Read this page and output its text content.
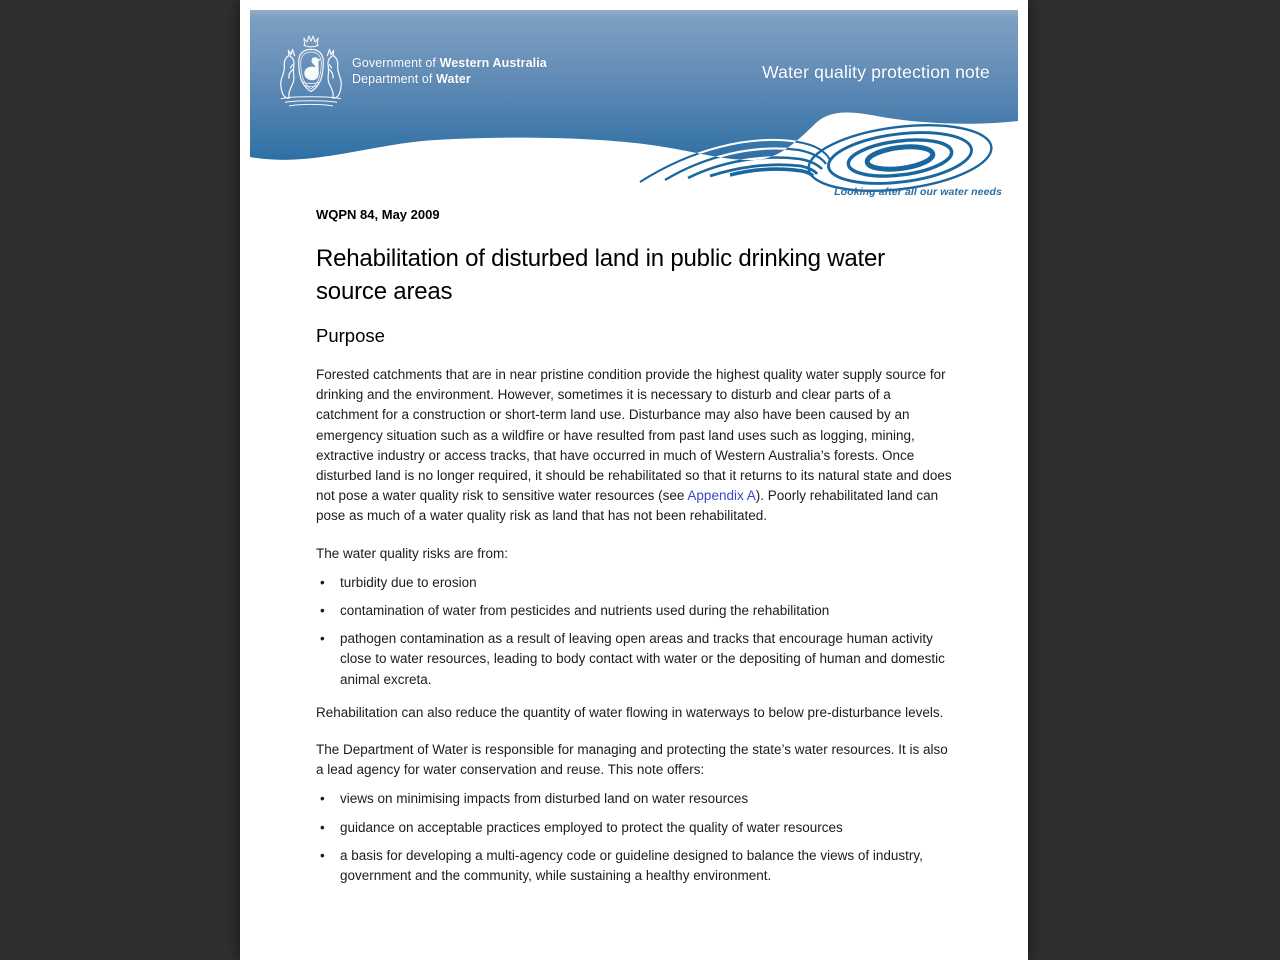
Government of Western Australia
Department of Water	Water quality protection note
Looking after all our water needs
WQPN 84, May 2009
Rehabilitation of disturbed land in public drinking water source areas
Purpose

Forested catchments that are in near pristine condition provide the highest quality water supply source for drinking and the environment. However, sometimes it is necessary to disturb and clear parts of a catchment for a construction or short-term land use. Disturbance may also have been caused by an emergency situation such as a wildfire or have resulted from past land uses such as logging, mining, extractive industry or access tracks, that have occurred in much of Western Australia’s forests. Once disturbed land is no longer required, it should be rehabilitated so that it returns to its natural state and does not pose a water quality risk to sensitive water resources (see Appendix A). Poorly rehabilitated land can pose as much of a water quality risk as land that has not been rehabilitated.

The water quality risks are from:

•	turbidity due to erosion
•	contamination of water from pesticides and nutrients used during the rehabilitation
•	pathogen contamination as a result of leaving open areas and tracks that encourage human activity close to water resources, leading to body contact with water or the depositing of human and domestic animal excreta.

Rehabilitation can also reduce the quantity of water flowing in waterways to below pre-disturbance levels.

The Department of Water is responsible for managing and protecting the state’s water resources. It is also a lead agency for water conservation and reuse. This note offers:

•	views on minimising impacts from disturbed land on water resources
•	guidance on acceptable practices employed to protect the quality of water resources
•	a basis for developing a multi-agency code or guideline designed to balance the views of industry, government and the community, while sustaining a healthy environment.
